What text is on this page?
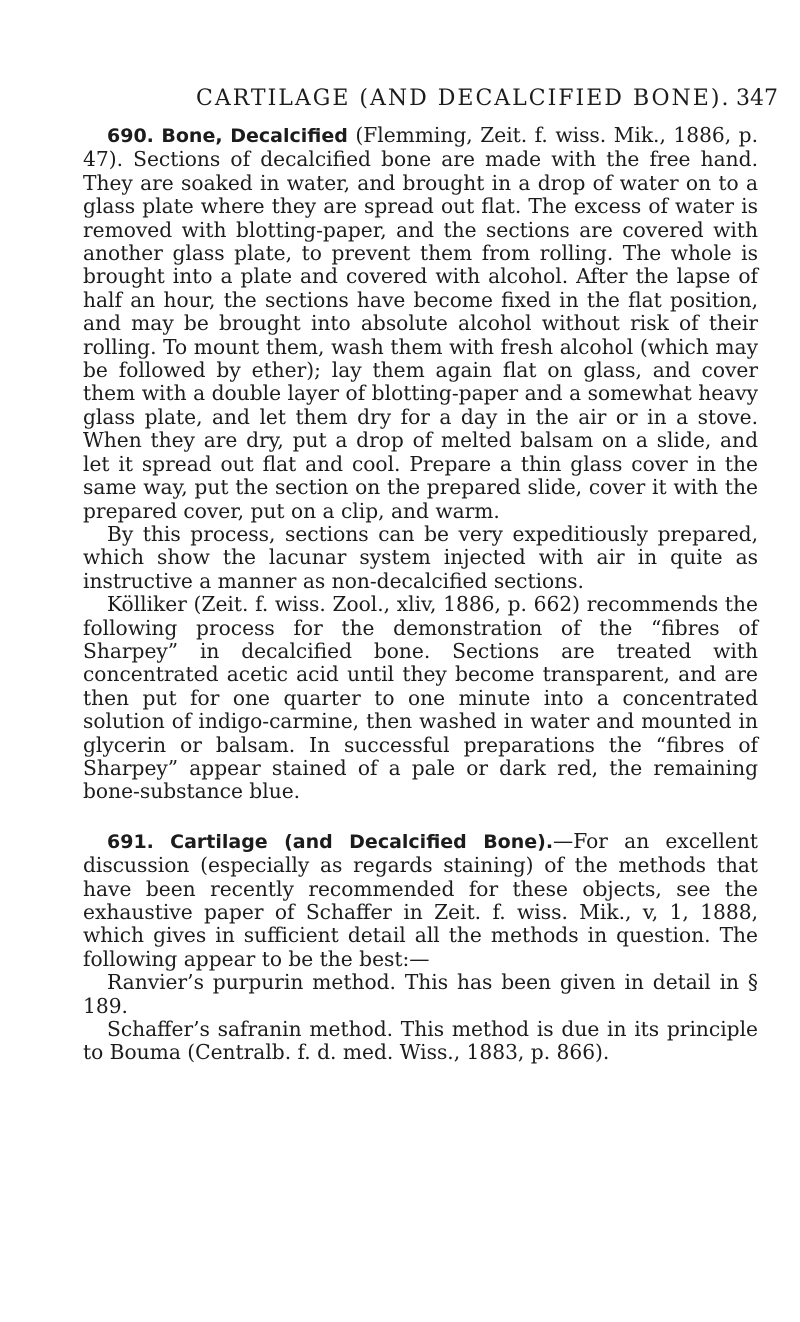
CARTILAGE (AND DECALCIFIED BONE). 347

690. Bone, Decalcified (Flemming, Zeit. f. wiss. Mik., 1886, p. 47). Sections of decalcified bone are made with the free hand. They are soaked in water, and brought in a drop of water on to a glass plate where they are spread out flat. The excess of water is removed with blotting-paper, and the sections are covered with another glass plate, to prevent them from rolling. The whole is brought into a plate and covered with alcohol. After the lapse of half an hour, the sections have become fixed in the flat position, and may be brought into absolute alcohol without risk of their rolling. To mount them, wash them with fresh alcohol (which may be followed by ether); lay them again flat on glass, and cover them with a double layer of blotting-paper and a somewhat heavy glass plate, and let them dry for a day in the air or in a stove. When they are dry, put a drop of melted balsam on a slide, and let it spread out flat and cool. Prepare a thin glass cover in the same way, put the section on the prepared slide, cover it with the prepared cover, put on a clip, and warm.

By this process, sections can be very expeditiously prepared, which show the lacunar system injected with air in quite as instructive a manner as non-decalcified sections.

Kölliker (Zeit. f. wiss. Zool., xliv, 1886, p. 662) recommends the following process for the demonstration of the “fibres of Sharpey” in decalcified bone. Sections are treated with concentrated acetic acid until they become transparent, and are then put for one quarter to one minute into a concentrated solution of indigo-carmine, then washed in water and mounted in glycerin or balsam. In successful preparations the “fibres of Sharpey” appear stained of a pale or dark red, the remaining bone-substance blue.

691. Cartilage (and Decalcified Bone).—For an excellent discussion (especially as regards staining) of the methods that have been recently recommended for these objects, see the exhaustive paper of Schaffer in Zeit. f. wiss. Mik., v, 1, 1888, which gives in sufficient detail all the methods in question. The following appear to be the best:—

Ranvier’s purpurin method. This has been given in detail in § 189.

Schaffer’s safranin method. This method is due in its principle to Bouma (Centralb. f. d. med. Wiss., 1883, p. 866).
